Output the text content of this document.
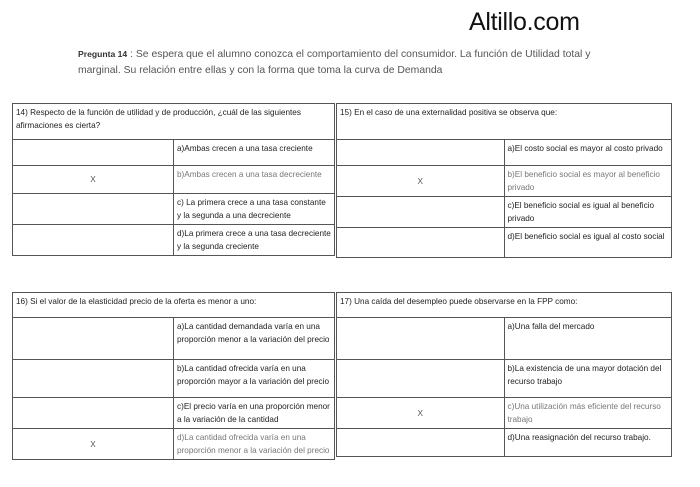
Altillo.com
Pregunta 14 : Se espera que el alumno conozca el comportamiento del consumidor. La función de Utilidad total y marginal. Su relación entre ellas y con la forma que toma la curva de Demanda
14) Respecto de la función de utilidad y de producción, ¿cuál de las siguientes afirmaciones es cierta?	
	a)Ambas crecen a una tasa creciente
X	b)Ambas crecen a una tasa decreciente
	c) La primera crece a una tasa constante y la segunda a una decreciente
	d)La primera crece a una tasa decreciente y la segunda creciente
15) En el caso de una externalidad positiva se observa que:	
	a)El costo social es mayor al costo privado
X	b)El beneficio social es mayor al beneficio privado
	c)El beneficio social es igual al beneficio privado
	d)El beneficio social es igual al costo social
16) Si el valor de la elasticidad precio de la oferta es menor a uno:	
	a)La cantidad demandada varía en una proporción menor a la variación del precio
	b)La cantidad ofrecida varía en una proporción mayor a la variación del precio
	c)El precio varía en una proporción menor a la variación de la cantidad
X	d)La cantidad ofrecida varía en una proporción menor a la variación del precio
17) Una caída del desempleo puede observarse en la FPP como:	
	a)Una falla del mercado
	b)La existencia de una mayor dotación del recurso trabajo
X	c)Una utilización más eficiente del recurso trabajo
	d)Una reasignación del recurso trabajo.
